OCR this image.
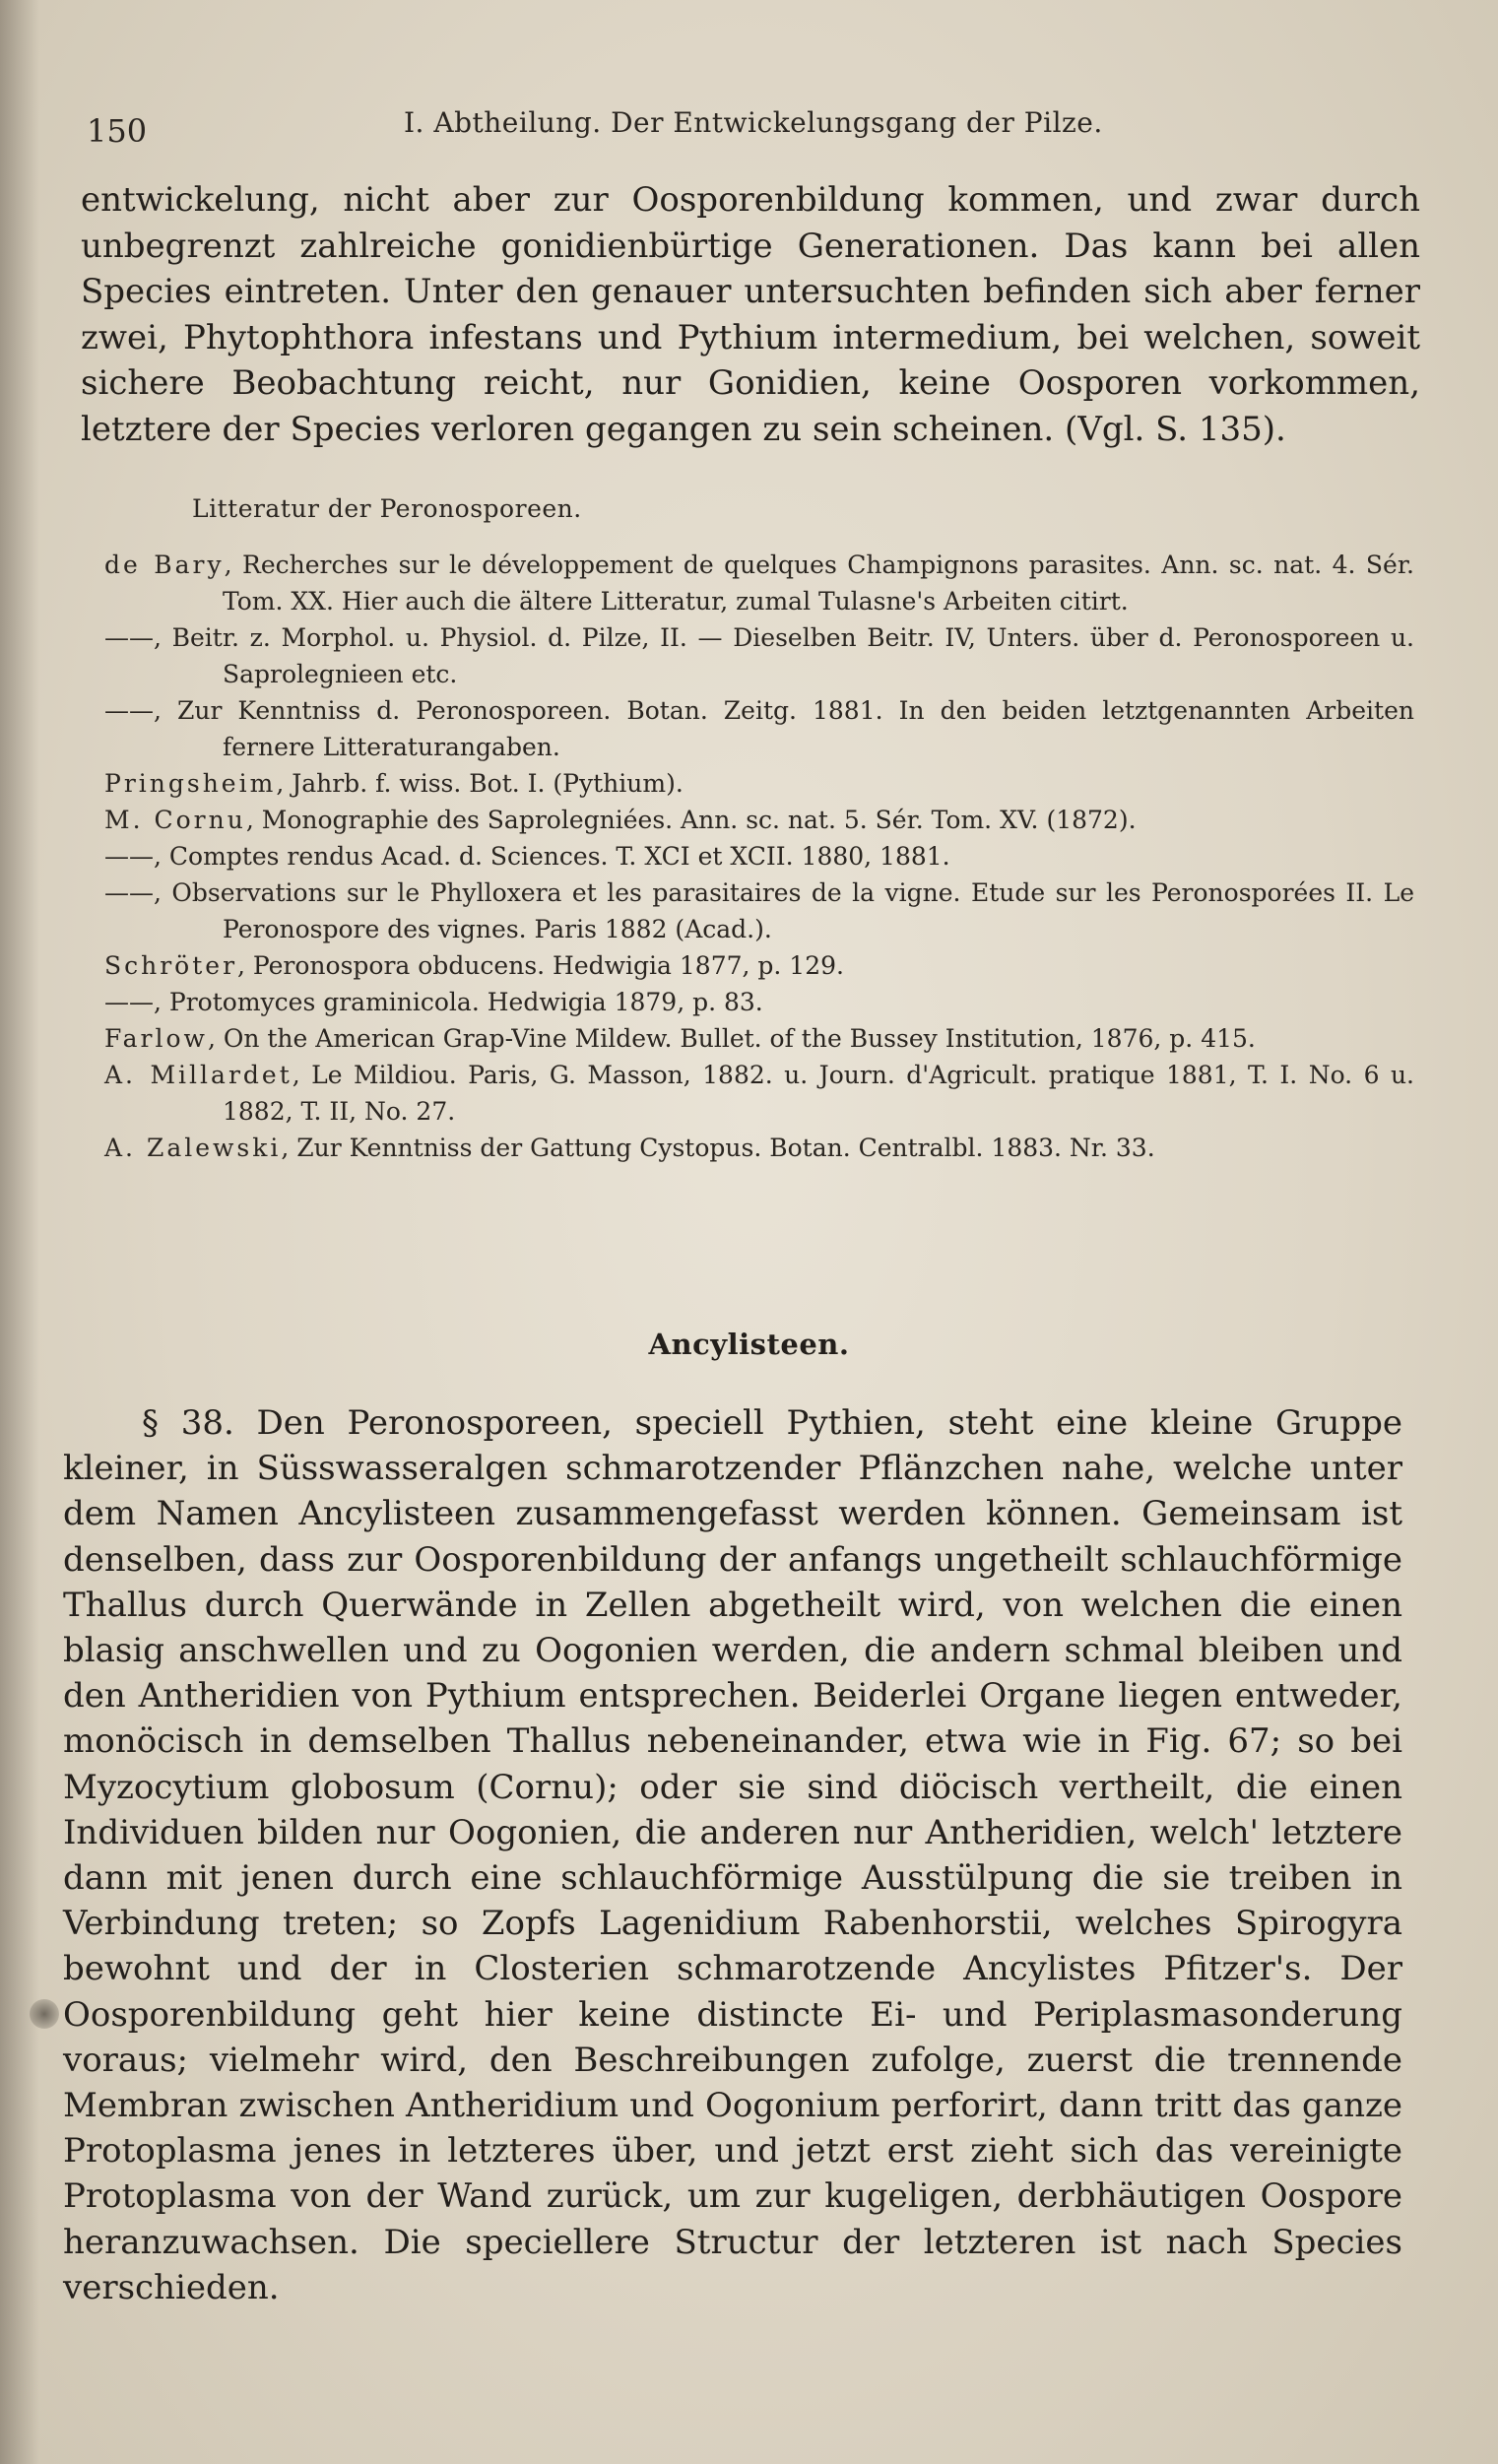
150	I. Abtheilung. Der Entwickelungsgang der Pilze.

entwickelung, nicht aber zur Oosporenbildung kommen, und zwar durch unbegrenzt zahlreiche gonidienbürtige Generationen. Das kann bei allen Species eintreten. Unter den genauer untersuchten befinden sich aber ferner zwei, Phytophthora infestans und Pythium intermedium, bei welchen, soweit sichere Beobachtung reicht, nur Gonidien, keine Oosporen vorkommen, letztere der Species verloren gegangen zu sein scheinen. (Vgl. S. 135).

Litteratur der Peronosporeen.

de Bary, Recherches sur le développement de quelques Champignons parasites. Ann. sc. nat. 4. Sér. Tom. XX. Hier auch die ältere Litteratur, zumal Tulasne's Arbeiten citirt.

——, Beitr. z. Morphol. u. Physiol. d. Pilze, II. — Dieselben Beitr. IV, Unters. über d. Peronosporeen u. Saprolegnieen etc.

——, Zur Kenntniss d. Peronosporeen. Botan. Zeitg. 1881. In den beiden letztgenannten Arbeiten fernere Litteraturangaben.

Pringsheim, Jahrb. f. wiss. Bot. I. (Pythium).

M. Cornu, Monographie des Saprolegniées. Ann. sc. nat. 5. Sér. Tom. XV. (1872).

——, Comptes rendus Acad. d. Sciences. T. XCI et XCII. 1880, 1881.

——, Observations sur le Phylloxera et les parasitaires de la vigne. Etude sur les Peronosporées II. Le Peronospore des vignes. Paris 1882 (Acad.).

Schröter, Peronospora obducens. Hedwigia 1877, p. 129.

——, Protomyces graminicola. Hedwigia 1879, p. 83.

Farlow, On the American Grap-Vine Mildew. Bullet. of the Bussey Institution, 1876, p. 415.

A. Millardet, Le Mildiou. Paris, G. Masson, 1882. u. Journ. d'Agricult. pratique 1881, T. I. No. 6 u. 1882, T. II, No. 27.

A. Zalewski, Zur Kenntniss der Gattung Cystopus. Botan. Centralbl. 1883. Nr. 33.

Ancylisteen.

§ 38. Den Peronosporeen, speciell Pythien, steht eine kleine Gruppe kleiner, in Süsswasseralgen schmarotzender Pflänzchen nahe, welche unter dem Namen Ancylisteen zusammengefasst werden können. Gemeinsam ist denselben, dass zur Oosporenbildung der anfangs ungetheilt schlauchförmige Thallus durch Querwände in Zellen abgetheilt wird, von welchen die einen blasig anschwellen und zu Oogonien werden, die andern schmal bleiben und den Antheridien von Pythium entsprechen. Beiderlei Organe liegen entweder, monöcisch in demselben Thallus nebeneinander, etwa wie in Fig. 67; so bei Myzocytium globosum (Cornu); oder sie sind diöcisch vertheilt, die einen Individuen bilden nur Oogonien, die anderen nur Antheridien, welch' letztere dann mit jenen durch eine schlauchförmige Ausstülpung die sie treiben in Verbindung treten; so Zopfs Lagenidium Rabenhorstii, welches Spirogyra bewohnt und der in Closterien schmarotzende Ancylistes Pfitzer's. Der Oosporenbildung geht hier keine distincte Ei- und Periplasmasonderung voraus; vielmehr wird, den Beschreibungen zufolge, zuerst die trennende Membran zwischen Antheridium und Oogonium perforirt, dann tritt das ganze Protoplasma jenes in letzteres über, und jetzt erst zieht sich das vereinigte Protoplasma von der Wand zurück, um zur kugeligen, derbhäutigen Oospore heranzuwachsen. Die speciellere Structur der letzteren ist nach Species verschieden.
